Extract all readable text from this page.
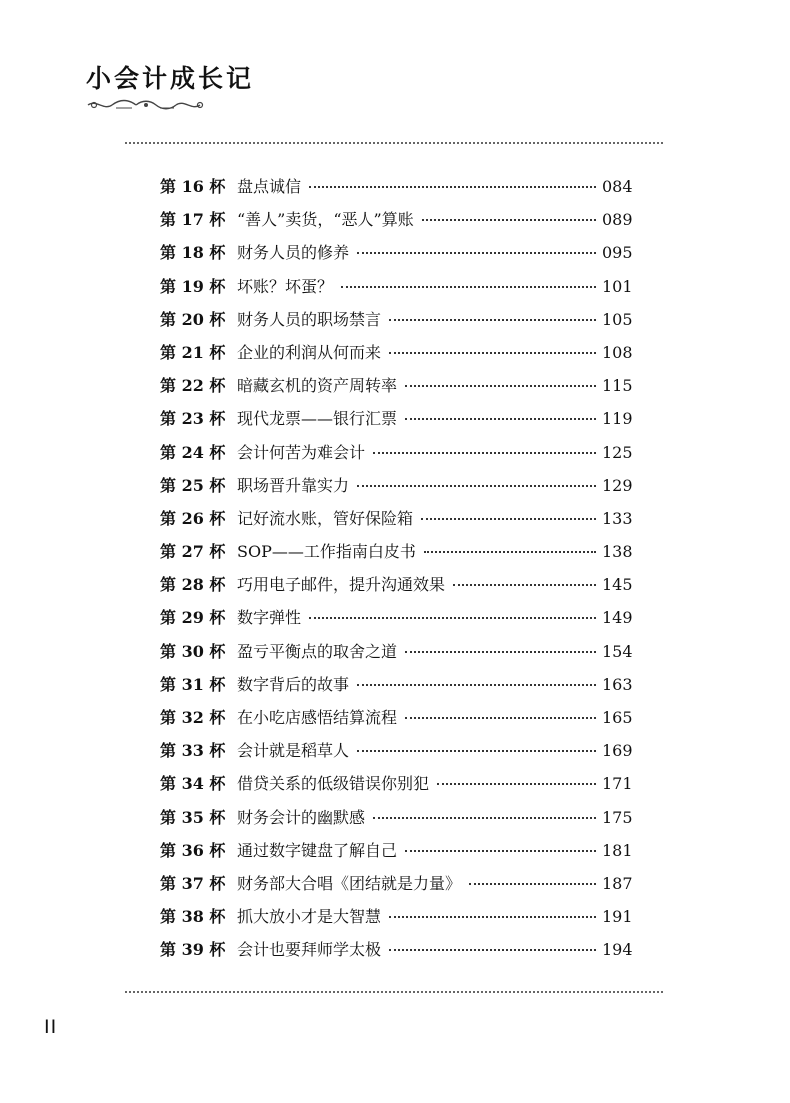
小会计成长记
第 16 杯 盘点诚信	084
第 17 杯 “善人”卖货，“恶人”算账	089
第 18 杯 财务人员的修养	095
第 19 杯 坏账？坏蛋？	101
第 20 杯 财务人员的职场禁言	105
第 21 杯 企业的利润从何而来	108
第 22 杯 暗藏玄机的资产周转率	115
第 23 杯 现代龙票——银行汇票	119
第 24 杯 会计何苦为难会计	125
第 25 杯 职场晋升靠实力	129
第 26 杯 记好流水账，管好保险箱	133
第 27 杯 SOP——工作指南白皮书	138
第 28 杯 巧用电子邮件，提升沟通效果	145
第 29 杯 数字弹性	149
第 30 杯 盈亏平衡点的取舍之道	154
第 31 杯 数字背后的故事	163
第 32 杯 在小吃店感悟结算流程	165
第 33 杯 会计就是稻草人	169
第 34 杯 借贷关系的低级错误你别犯	171
第 35 杯 财务会计的幽默感	175
第 36 杯 通过数字键盘了解自己	181
第 37 杯 财务部大合唱《团结就是力量》	187
第 38 杯 抓大放小才是大智慧	191
第 39 杯 会计也要拜师学太极	194
II
